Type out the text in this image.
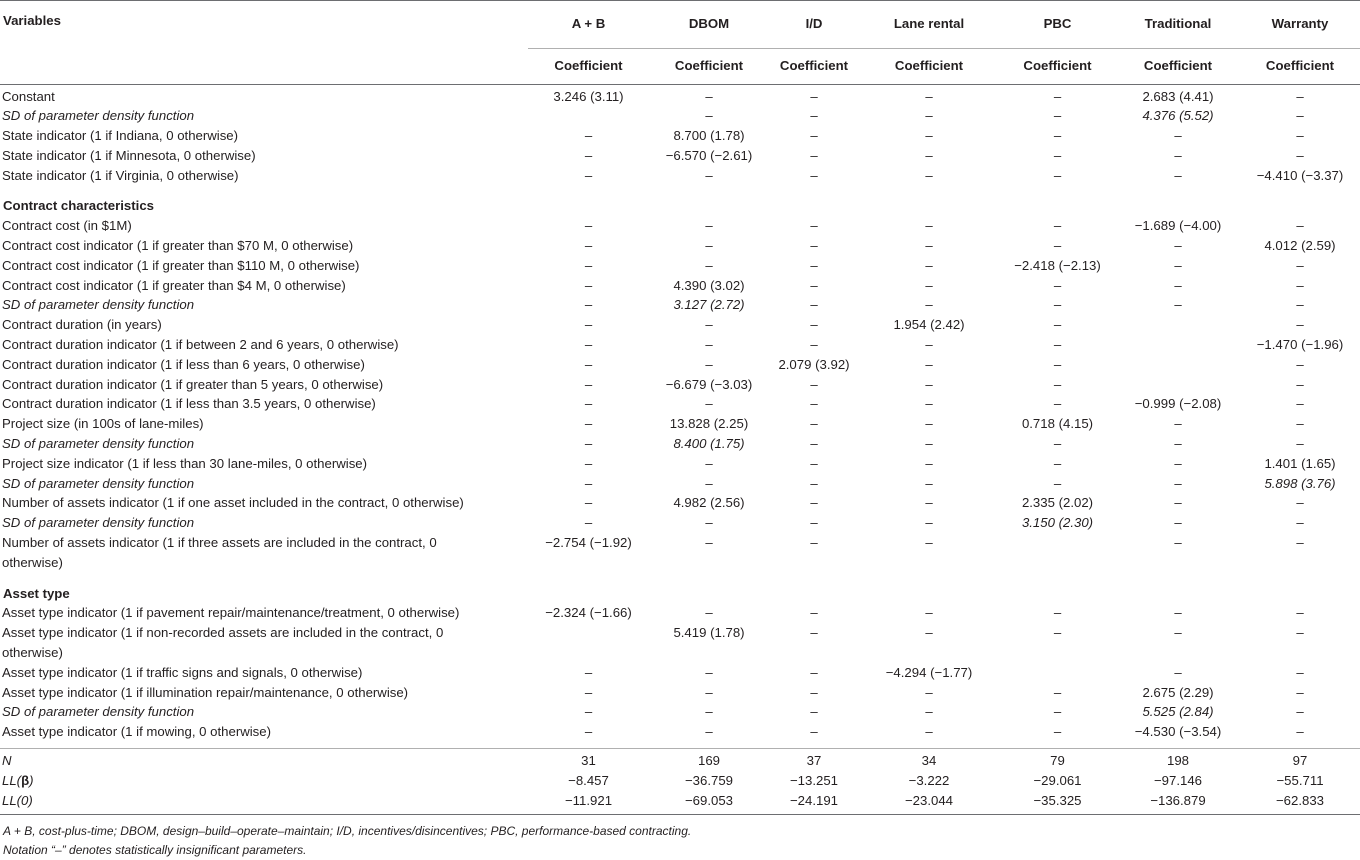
Variables	A + B	DBOM	I/D	Lane rental	PBC	Traditional	Warranty
	Coefficient	Coefficient	Coefficient	Coefficient	Coefficient	Coefficient	Coefficient
Constant	3.246 (3.11)	–	–	–	–	2.683 (4.41)	–
SD of parameter density function		–	–	–	–	4.376 (5.52)	–
State indicator (1 if Indiana, 0 otherwise)	–	8.700 (1.78)	–	–	–	–	–
State indicator (1 if Minnesota, 0 otherwise)	–	−6.570 (−2.61)	–	–	–	–	–
State indicator (1 if Virginia, 0 otherwise)	–	–	–	–	–	–	−4.410 (−3.37)

Contract characteristics							
Contract cost (in $1M)	–	–	–	–	–	−1.689 (−4.00)	–
Contract cost indicator (1 if greater than $70 M, 0 otherwise)	–	–	–	–	–	–	4.012 (2.59)
Contract cost indicator (1 if greater than $110 M, 0 otherwise)	–	–	–	–	−2.418 (−2.13)	–	–
Contract cost indicator (1 if greater than $4 M, 0 otherwise)	–	4.390 (3.02)	–	–	–	–	–
SD of parameter density function	–	3.127 (2.72)	–	–	–	–	–
Contract duration (in years)	–	–	–	1.954 (2.42)	–		–
Contract duration indicator (1 if between 2 and 6 years, 0 otherwise)	–	–	–	–	–		−1.470 (−1.96)
Contract duration indicator (1 if less than 6 years, 0 otherwise)	–	–	2.079 (3.92)	–	–		–
Contract duration indicator (1 if greater than 5 years, 0 otherwise)	–	−6.679 (−3.03)	–	–	–		–
Contract duration indicator (1 if less than 3.5 years, 0 otherwise)	–	–	–	–	–	−0.999 (−2.08)	–
Project size (in 100s of lane-miles)	–	13.828 (2.25)	–	–	0.718 (4.15)	–	–
SD of parameter density function	–	8.400 (1.75)	–	–	–	–	–
Project size indicator (1 if less than 30 lane-miles, 0 otherwise)	–	–	–	–	–	–	1.401 (1.65)
SD of parameter density function	–	–	–	–	–	–	5.898 (3.76)
Number of assets indicator (1 if one asset included in the contract, 0 otherwise)	–	4.982 (2.56)	–	–	2.335 (2.02)	–	–
SD of parameter density function	–	–	–	–	3.150 (2.30)	–	–

Number of assets indicator (1 if three assets are included in the contract, 0
otherwise)	−2.754 (−1.92)	–	–	–		–	–

Asset type							
Asset type indicator (1 if pavement repair/maintenance/treatment, 0 otherwise)	−2.324 (−1.66)	–	–	–	–	–	–

Asset type indicator (1 if non-recorded assets are included in the contract, 0
otherwise)		5.419 (1.78)	–	–	–	–	–
Asset type indicator (1 if traffic signs and signals, 0 otherwise)	–	–	–	−4.294 (−1.77)		–	–
Asset type indicator (1 if illumination repair/maintenance, 0 otherwise)	–	–	–	–	–	2.675 (2.29)	–
SD of parameter density function	–	–	–	–	–	5.525 (2.84)	–
Asset type indicator (1 if mowing, 0 otherwise)	–	–	–	–	–	−4.530 (−3.54)	–

N	31	169	37	34	79	198	97
LL(β)	−8.457	−36.759	−13.251	−3.222	−29.061	−97.146	−55.711
LL(0)	−11.921	−69.053	−24.191	−23.044	−35.325	−136.879	−62.833
A + B, cost-plus-time; DBOM, design–build–operate–maintain; I/D, incentives/disincentives; PBC, performance-based contracting.
Notation “–” denotes statistically insignificant parameters.
